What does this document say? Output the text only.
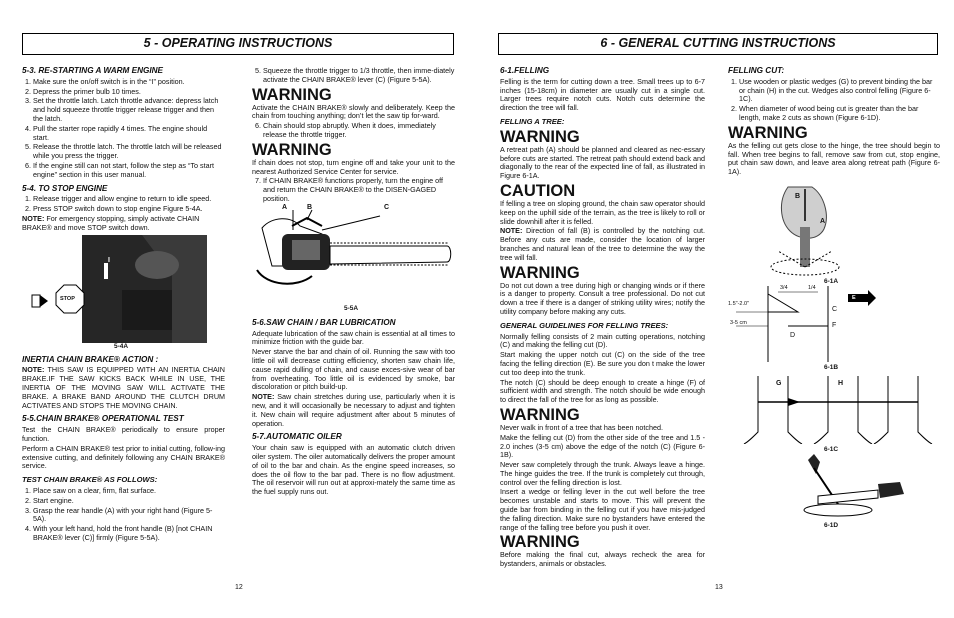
5 - OPERATING INSTRUCTIONS
5-3. RE-STARTING A WARM ENGINE
1. Make sure the on/off switch is in the “I” position.
2. Depress the primer bulb 10 times.
3. Set the throttle latch. Latch throttle advance: depress latch and hold squeeze throttle trigger release trigger and then the latch.
4. Pull the starter rope rapidly 4 times. The engine should start.
5. Release the throttle latch. The throttle latch will be released while you press the trigger.
6. If the engine still can not start, follow the step as “To start engine” section in this user manual.
5-4. TO STOP ENGINE
1. Release trigger and allow engine to return to idle speed.
2. Press STOP switch down to stop engine Figure 5-4A.

NOTE: For emergency stopping, simply activate CHAIN BRAKE® and move STOP switch down.

I
STOP
5-4A
INERTIA CHAIN BRAKE® ACTION :

NOTE: THIS SAW IS EQUIPPED WITH AN INERTIA CHAIN BRAKE.IF THE SAW KICKS BACK WHILE IN USE, THE INERTIA OF THE MOVING SAW WILL ACTIVATE THE BRAKE. A BRAKE BAND AROUND THE CLUTCH DRUM ACTIVATES AND STOPS THE MOVING CHAIN.

5-5.CHAIN BRAKE® OPERATIONAL TEST

Test the CHAIN BRAKE® periodically to ensure proper function.

Perform a CHAIN BRAKE® test prior to initial cutting, follow-ing extensive cutting, and definitely following any CHAIN BRAKE® service.

TEST CHAIN BRAKE® AS FOLLOWS:
1. Place saw on a clear, firm, flat surface.
2. Start engine.
3. Grasp the rear handle (A) with your right hand (Figure 5-5A).
4. With your left hand, hold the front handle (B) [not CHAIN BRAKE® lever (C)] firmly (Figure 5-5A).
5. Squeeze the throttle trigger to 1/3 throttle, then imme-diately activate the CHAIN BRAKE® lever (C) (Figure 5-5A).
WARNING

Activate the CHAIN BRAKE® slowly and deliberately. Keep the chain from touching anything; don’t let the saw tip for-ward.

6. Chain should stop abruptly. When it does, immediately release the throttle trigger.
WARNING

If chain does not stop, turn engine off and take your unit to the nearest Authorized Service Center for service.

7. If CHAIN BRAKE® functions properly, turn the engine off and return the CHAIN BRAKE® to the DISEN-GAGED position.
A	B	C
5-5A
5-6.SAW CHAIN / BAR LUBRICATION

Adequate lubrication of the saw chain is essential at all times to minimize friction with the guide bar.

Never starve the bar and chain of oil. Running the saw with too little oil will decrease cutting efficiency, shorten saw chain life, cause rapid dulling of chain, and cause exces-sive wear of bar from overheating. Too little oil is evidenced by smoke, bar discoloration or pitch build-up.

NOTE: Saw chain stretches during use, particularly when it is new, and it will occasionally be necessary to adjust and tighten it. New chain will require adjustment after about 5 minutes of operation.

5-7.AUTOMATIC OILER

Your chain saw is equipped with an automatic clutch driven oiler system. The oiler automatically delivers the proper amount of oil to the bar and chain. As the engine speed increases, so does the oil flow to the bar pad. There is no flow adjustment. The oil reservoir will run out at approxi-mately the same time as the fuel supply runs out.

12
6 - GENERAL CUTTING INSTRUCTIONS
6-1.FELLING

Felling is the term for cutting down a tree. Small trees up to 6-7 inches (15-18cm) in diameter are usually cut in a single cut. Larger trees require notch cuts. Notch cuts determine the direction the tree will fall.

FELLING A TREE:
WARNING

A retreat path (A) should be planned and cleared as nec-essary before cuts are started. The retreat path should extend back and diagonally to the rear of the expected line of fall, as illustrated in Figure 6-1A.

CAUTION

If felling a tree on sloping ground, the chain saw operator should keep on the uphill side of the terrain, as the tree is likely to roll or slide downhill after it is felled.

NOTE: Direction of fall (B) is controlled by the notching cut. Before any cuts are made, consider the location of larger branches and natural lean of the tree to determine the way the tree will fall.

WARNING

Do not cut down a tree during high or changing winds or if there is a danger to property. Consult a tree professional. Do not cut down a tree if there is a danger of striking utility wires; notify the utility company before making any cuts.

GENERAL GUIDELINES FOR FELLING TREES:

Normally felling consists of 2 main cutting operations, notching (C) and making the felling cut (D).

Start making the upper notch cut (C) on the side of the tree facing the felling direction (E). Be sure you don t make the lower cut too deep into the trunk.

The notch (C) should be deep enough to create a hinge (F) of sufficient width and strength. The notch should be wide enough to direct the fall of the tree for as long as possible.

WARNING

Never walk in front of a tree that has been notched.

Make the felling cut (D) from the other side of the tree and 1.5 - 2.0 inches (3-5 cm) above the edge of the notch (C) (Figure 6-1B).

Never saw completely through the trunk. Always leave a hinge. The hinge guides the tree. If the trunk is completely cut through, control over the felling direction is lost.

Insert a wedge or felling lever in the cut well before the tree becomes unstable and starts to move. This will prevent the guide bar from binding in the felling cut if you have mis-judged the falling direction. Make sure no bystanders have entered the range of the falling tree before you push it over.

WARNING

Before making the final cut, always recheck the area for bystanders, animals or obstacles.

FELLING CUT:
1. Use wooden or plastic wedges (G) to prevent binding the bar or chain (H) in the cut. Wedges also control felling (Figure 6-1C).
2. When diameter of wood being cut is greater than the bar length, make 2 cuts as shown (Figure 6-1D).
WARNING

As the felling cut gets close to the hinge, the tree should begin to fall. When tree begins to fall, remove saw from cut, stop engine, put chain saw down, and leave area along retreat path (Figure 6-1A).

B
A
6-1A
3/4	1/4
1.5"-2.0"
3-5 cm
E
C
D
F
6-1B
G	H
6-1C
6-1D
13
